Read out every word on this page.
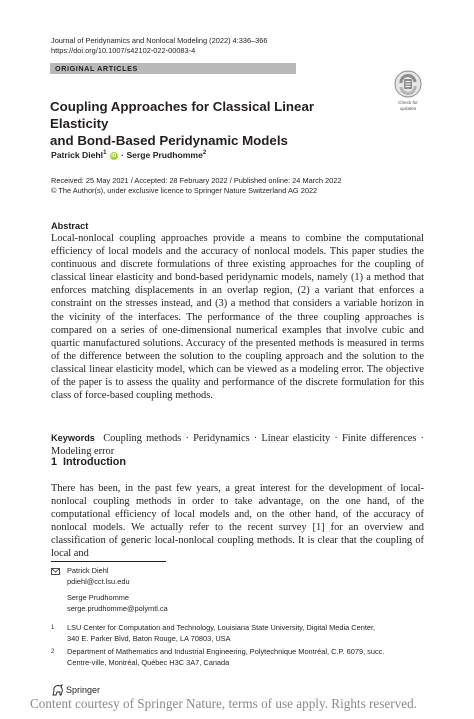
Journal of Peridynamics and Nonlocal Modeling (2022) 4:336–366
https://doi.org/10.1007/s42102-022-00083-4
ORIGINAL ARTICLES
Check for
updates
Coupling Approaches for Classical Linear Elasticity
and Bond-Based Peridynamic Models
Patrick Diehl$^1$ iD · Serge Prudhomme$^2$
Received: 25 May 2021 / Accepted: 28 February 2022 / Published online: 24 March 2022
© The Author(s), under exclusive licence to Springer Nature Switzerland AG 2022
Abstract
Local-nonlocal coupling approaches provide a means to combine the computational efficiency of local models and the accuracy of nonlocal models. This paper studies the continuous and discrete formulations of three existing approaches for the coupling of classical linear elasticity and bond-based peridynamic models, namely (1) a method that enforces matching displacements in an overlap region, (2) a variant that enforces a constraint on the stresses instead, and (3) a method that considers a variable horizon in the vicinity of the interfaces. The performance of the three coupling approaches is compared on a series of one-dimensional numerical examples that involve cubic and quartic manufactured solutions. Accuracy of the presented methods is measured in terms of the difference between the solution to the coupling approach and the solution to the classical linear elasticity model, which can be viewed as a modeling error. The objective of the paper is to assess the quality and performance of the discrete formulation for this class of force-based coupling methods.
Keywords Coupling methods · Peridynamics · Linear elasticity · Finite differences · Modeling error
1 Introduction
There has been, in the past few years, a great interest for the development of local-nonlocal coupling methods in order to take advantage, on the one hand, of the computational efficiency of local models and, on the other hand, of the accuracy of nonlocal models. We actually refer to the recent survey [1] for an overview and classification of generic local-nonlocal coupling methods. It is clear that the coupling of local and
Patrick Diehl
pdiehl@cct.lsu.edu
Serge Prudhomme
serge.prudhomme@polymtl.ca
1 LSU Center for Computation and Technology, Louisiana State University, Digital Media Center,
340 E. Parker Blvd, Baton Rouge, LA 70803, USA
2 Department of Mathematics and Industrial Engineering, Polytechnique Montréal, C.P. 6079, succ.
Centre-ville, Montréal, Québec H3C 3A7, Canada
Springer
Content courtesy of Springer Nature, terms of use apply. Rights reserved.
